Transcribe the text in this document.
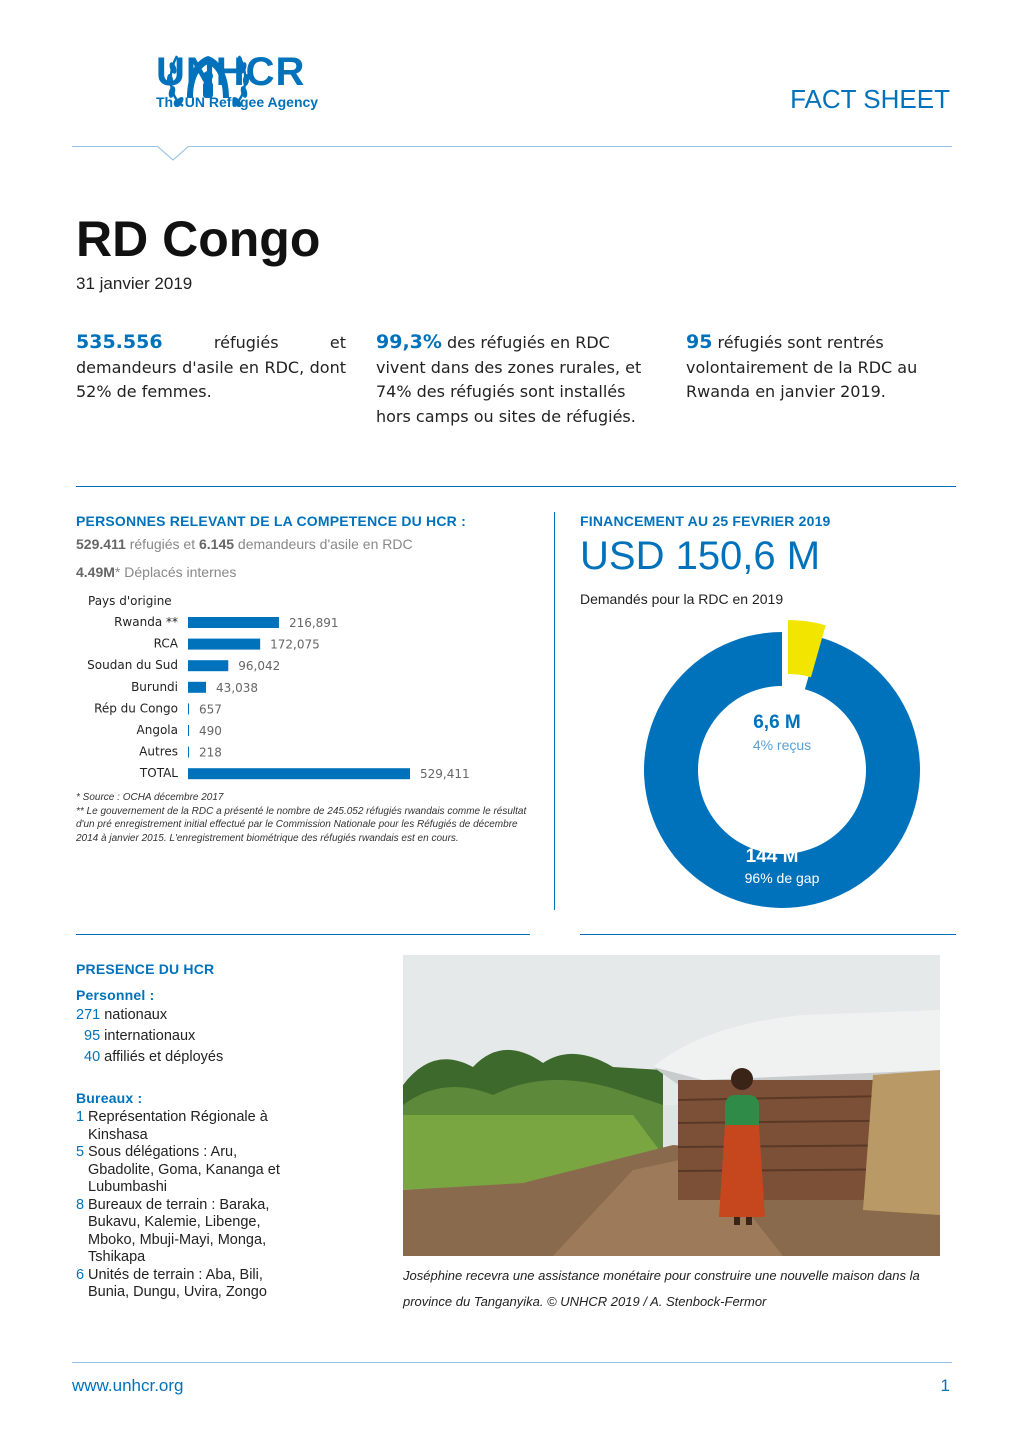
UNHCR
The UN Refugee Agency	FACT SHEET
RD Congo
31 janvier 2019
535.556 réfugiés et demandeurs d'asile en RDC, dont 52% de femmes.
99,3% des réfugiés en RDC vivent dans des zones rurales, et 74% des réfugiés sont installés hors camps ou sites de réfugiés.
95 réfugiés sont rentrés volontairement de la RDC au Rwanda en janvier 2019.
PERSONNES RELEVANT DE LA COMPETENCE DU HCR :
529.411 réfugiés et 6.145 demandeurs d'asile en RDC
4.49M* Déplacés internes
Pays d'origine
Rwanda **	216,891
RCA	172,075
Soudan du Sud	96,042
Burundi	43,038
Rép du Congo 657
Angola 490
Autres 218
TOTAL	529,411
* Source : OCHA décembre 2017
** Le gouvernement de la RDC a présenté le nombre de 245.052 réfugiés rwandais comme le résultat d'un pré enregistrement initial effectué par le Commission Nationale pour les Réfugiés de décembre 2014 à janvier 2015. L'enregistrement biométrique des réfugiés rwandais est en cours.
FINANCEMENT AU 25 FEVRIER 2019
USD 150,6 M
Demandés pour la RDC en 2019
6,6 M
4% reçus
144 M
96% de gap
PRESENCE DU HCR
Personnel :
271 nationaux
95 internationaux
40 affiliés et déployés
Bureaux :
1 Représentation Régionale à Kinshasa
5 Sous délégations : Aru, Gbadolite, Goma, Kananga et Lubumbashi
8 Bureaux de terrain : Baraka, Bukavu, Kalemie, Libenge, Mboko, Mbuji-Mayi, Monga, Tshikapa
6 Unités de terrain : Aba, Bili, Bunia, Dungu, Uvira, Zongo
Joséphine recevra une assistance monétaire pour construire une nouvelle maison dans la province du Tanganyika. © UNHCR 2019 / A. Stenbock-Fermor
www.unhcr.org	1
